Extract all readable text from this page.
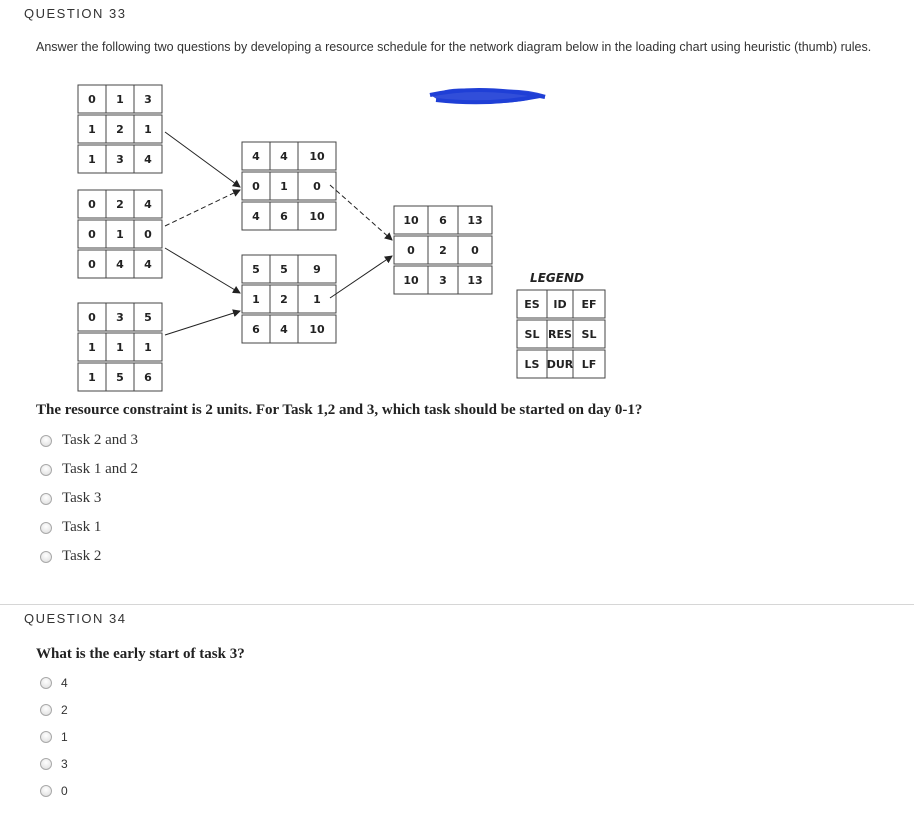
QUESTION 33
Answer the following two questions by developing a resource schedule for the network diagram below in the loading chart using heuristic (thumb) rules.
0 1 3
1 2 1
1 3 4
0 2 4
0 1 0
0 4 4
0 3 5
1 1 1
1 5 6
4 4 10
0 1 0
4 6 10
5 5 9
1 2 1
6 4 10
10 6 13
0 2 0
10 3 13	LEGEND
ES ID EF
SL RES SL
LS DUR LF
The resource constraint is 2 units. For Task 1,2 and 3, which task should be started on day 0-1?
Task 2 and 3
Task 1 and 2
Task 3
Task 1
Task 2
QUESTION 34
What is the early start of task 3?
4
2
1
3
0
